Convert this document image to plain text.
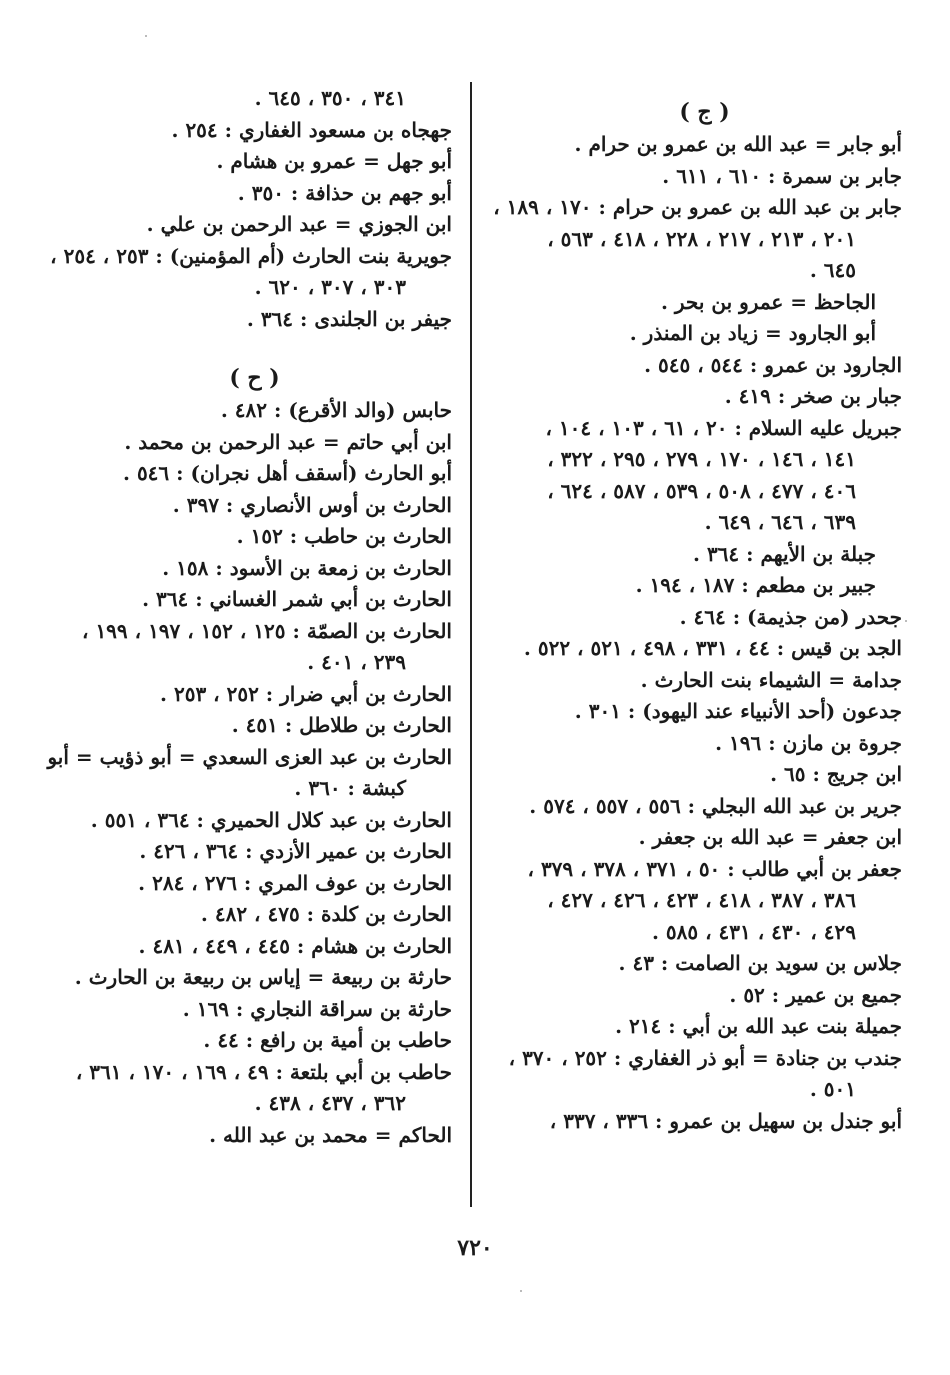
( ج )
أبو جابر = عبد الله بن عمرو بن حرام .
جابر بن سمرة : ٦١٠ ، ٦١١ .
جابر بن عبد الله بن عمرو بن حرام : ١٧٠ ، ١٨٩ ،
٢٠١ ، ٢١٣ ، ٢١٧ ، ٢٢٨ ، ٤١٨ ، ٥٦٣ ،
٦٤٥ .
الجاحظ = عمرو بن بحر .
أبو الجارود = زياد بن المنذر .
الجارود بن عمرو : ٥٤٤ ، ٥٤٥ .
جبار بن صخر : ٤١٩ .
جبريل عليه السلام : ٢٠ ، ٦١ ، ١٠٣ ، ١٠٤ ،
١٤١ ، ١٤٦ ، ١٧٠ ، ٢٧٩ ، ٢٩٥ ، ٣٢٢ ،
٤٠٦ ، ٤٧٧ ، ٥٠٨ ، ٥٣٩ ، ٥٨٧ ، ٦٢٤ ،
٦٣٩ ، ٦٤٦ ، ٦٤٩ .
جبلة بن الأيهم : ٣٦٤ .
جبير بن مطعم : ١٨٧ ، ١٩٤ .
جحدر (من جذيمة) : ٤٦٤ .
الجد بن قيس : ٤٤ ، ٣٣١ ، ٤٩٨ ، ٥٢١ ، ٥٢٢ .
جدامة = الشيماء بنت الحارث .
جدعون (أحد الأنبياء عند اليهود) : ٣٠١ .
جروة بن مازن : ١٩٦ .
ابن جريج : ٦٥ .
جرير بن عبد الله البجلي : ٥٥٦ ، ٥٥٧ ، ٥٧٤ .
ابن جعفر = عبد الله بن جعفر .
جعفر بن أبي طالب : ٥٠ ، ٣٧١ ، ٣٧٨ ، ٣٧٩ ،
٣٨٦ ، ٣٨٧ ، ٤١٨ ، ٤٢٣ ، ٤٢٦ ، ٤٢٧ ،
٤٢٩ ، ٤٣٠ ، ٤٣١ ، ٥٨٥ .
جلاس بن سويد بن الصامت : ٤٣ .
جميع بن عمير : ٥٢ .
جميلة بنت عبد الله بن أبي : ٢١٤ .
جندب بن جنادة = أبو ذر الغفاري : ٢٥٢ ، ٣٧٠ ،
٥٠١ .
أبو جندل بن سهيل بن عمرو : ٣٣٦ ، ٣٣٧ ،
٣٤١ ، ٣٥٠ ، ٦٤٥ .
جهجاه بن مسعود الغفاري : ٢٥٤ .
أبو جهل = عمرو بن هشام .
أبو جهم بن حذافة : ٣٥٠ .
ابن الجوزي = عبد الرحمن بن علي .
جويرية بنت الحارث (أم المؤمنين) : ٢٥٣ ، ٢٥٤ ،
٣٠٣ ، ٣٠٧ ، ٦٢٠ .
جيفر بن الجلندى : ٣٦٤ .
( ح )
حابس (والد الأقرع) : ٤٨٢ .
ابن أبي حاتم = عبد الرحمن بن محمد .
أبو الحارث (أسقف أهل نجران) : ٥٤٦ .
الحارث بن أوس الأنصاري : ٣٩٧ .
الحارث بن حاطب : ١٥٢ .
الحارث بن زمعة بن الأسود : ١٥٨ .
الحارث بن أبي شمر الغساني : ٣٦٤ .
الحارث بن الصمّة : ١٢٥ ، ١٥٢ ، ١٩٧ ، ١٩٩ ،
٢٣٩ ، ٤٠١ .
الحارث بن أبي ضرار : ٢٥٢ ، ٢٥٣ .
الحارث بن طلاطل : ٤٥١ .
الحارث بن عبد العزى السعدي = أبو ذؤيب = أبو
كبشة : ٣٦٠ .
الحارث بن عبد كلال الحميري : ٣٦٤ ، ٥٥١ .
الحارث بن عمير الأزدي : ٣٦٤ ، ٤٢٦ .
الحارث بن عوف المري : ٢٧٦ ، ٢٨٤ .
الحارث بن كلدة : ٤٧٥ ، ٤٨٢ .
الحارث بن هشام : ٤٤٥ ، ٤٤٩ ، ٤٨١ .
حارثة بن ربيعة = إياس بن ربيعة بن الحارث .
حارثة بن سراقة النجاري : ١٦٩ .
حاطب بن أمية بن رافع : ٤٤ .
حاطب بن أبي بلتعة : ٤٩ ، ١٦٩ ، ١٧٠ ، ٣٦١ ،
٣٦٢ ، ٤٣٧ ، ٤٣٨ .
الحاكم = محمد بن عبد الله .
٧٢٠
